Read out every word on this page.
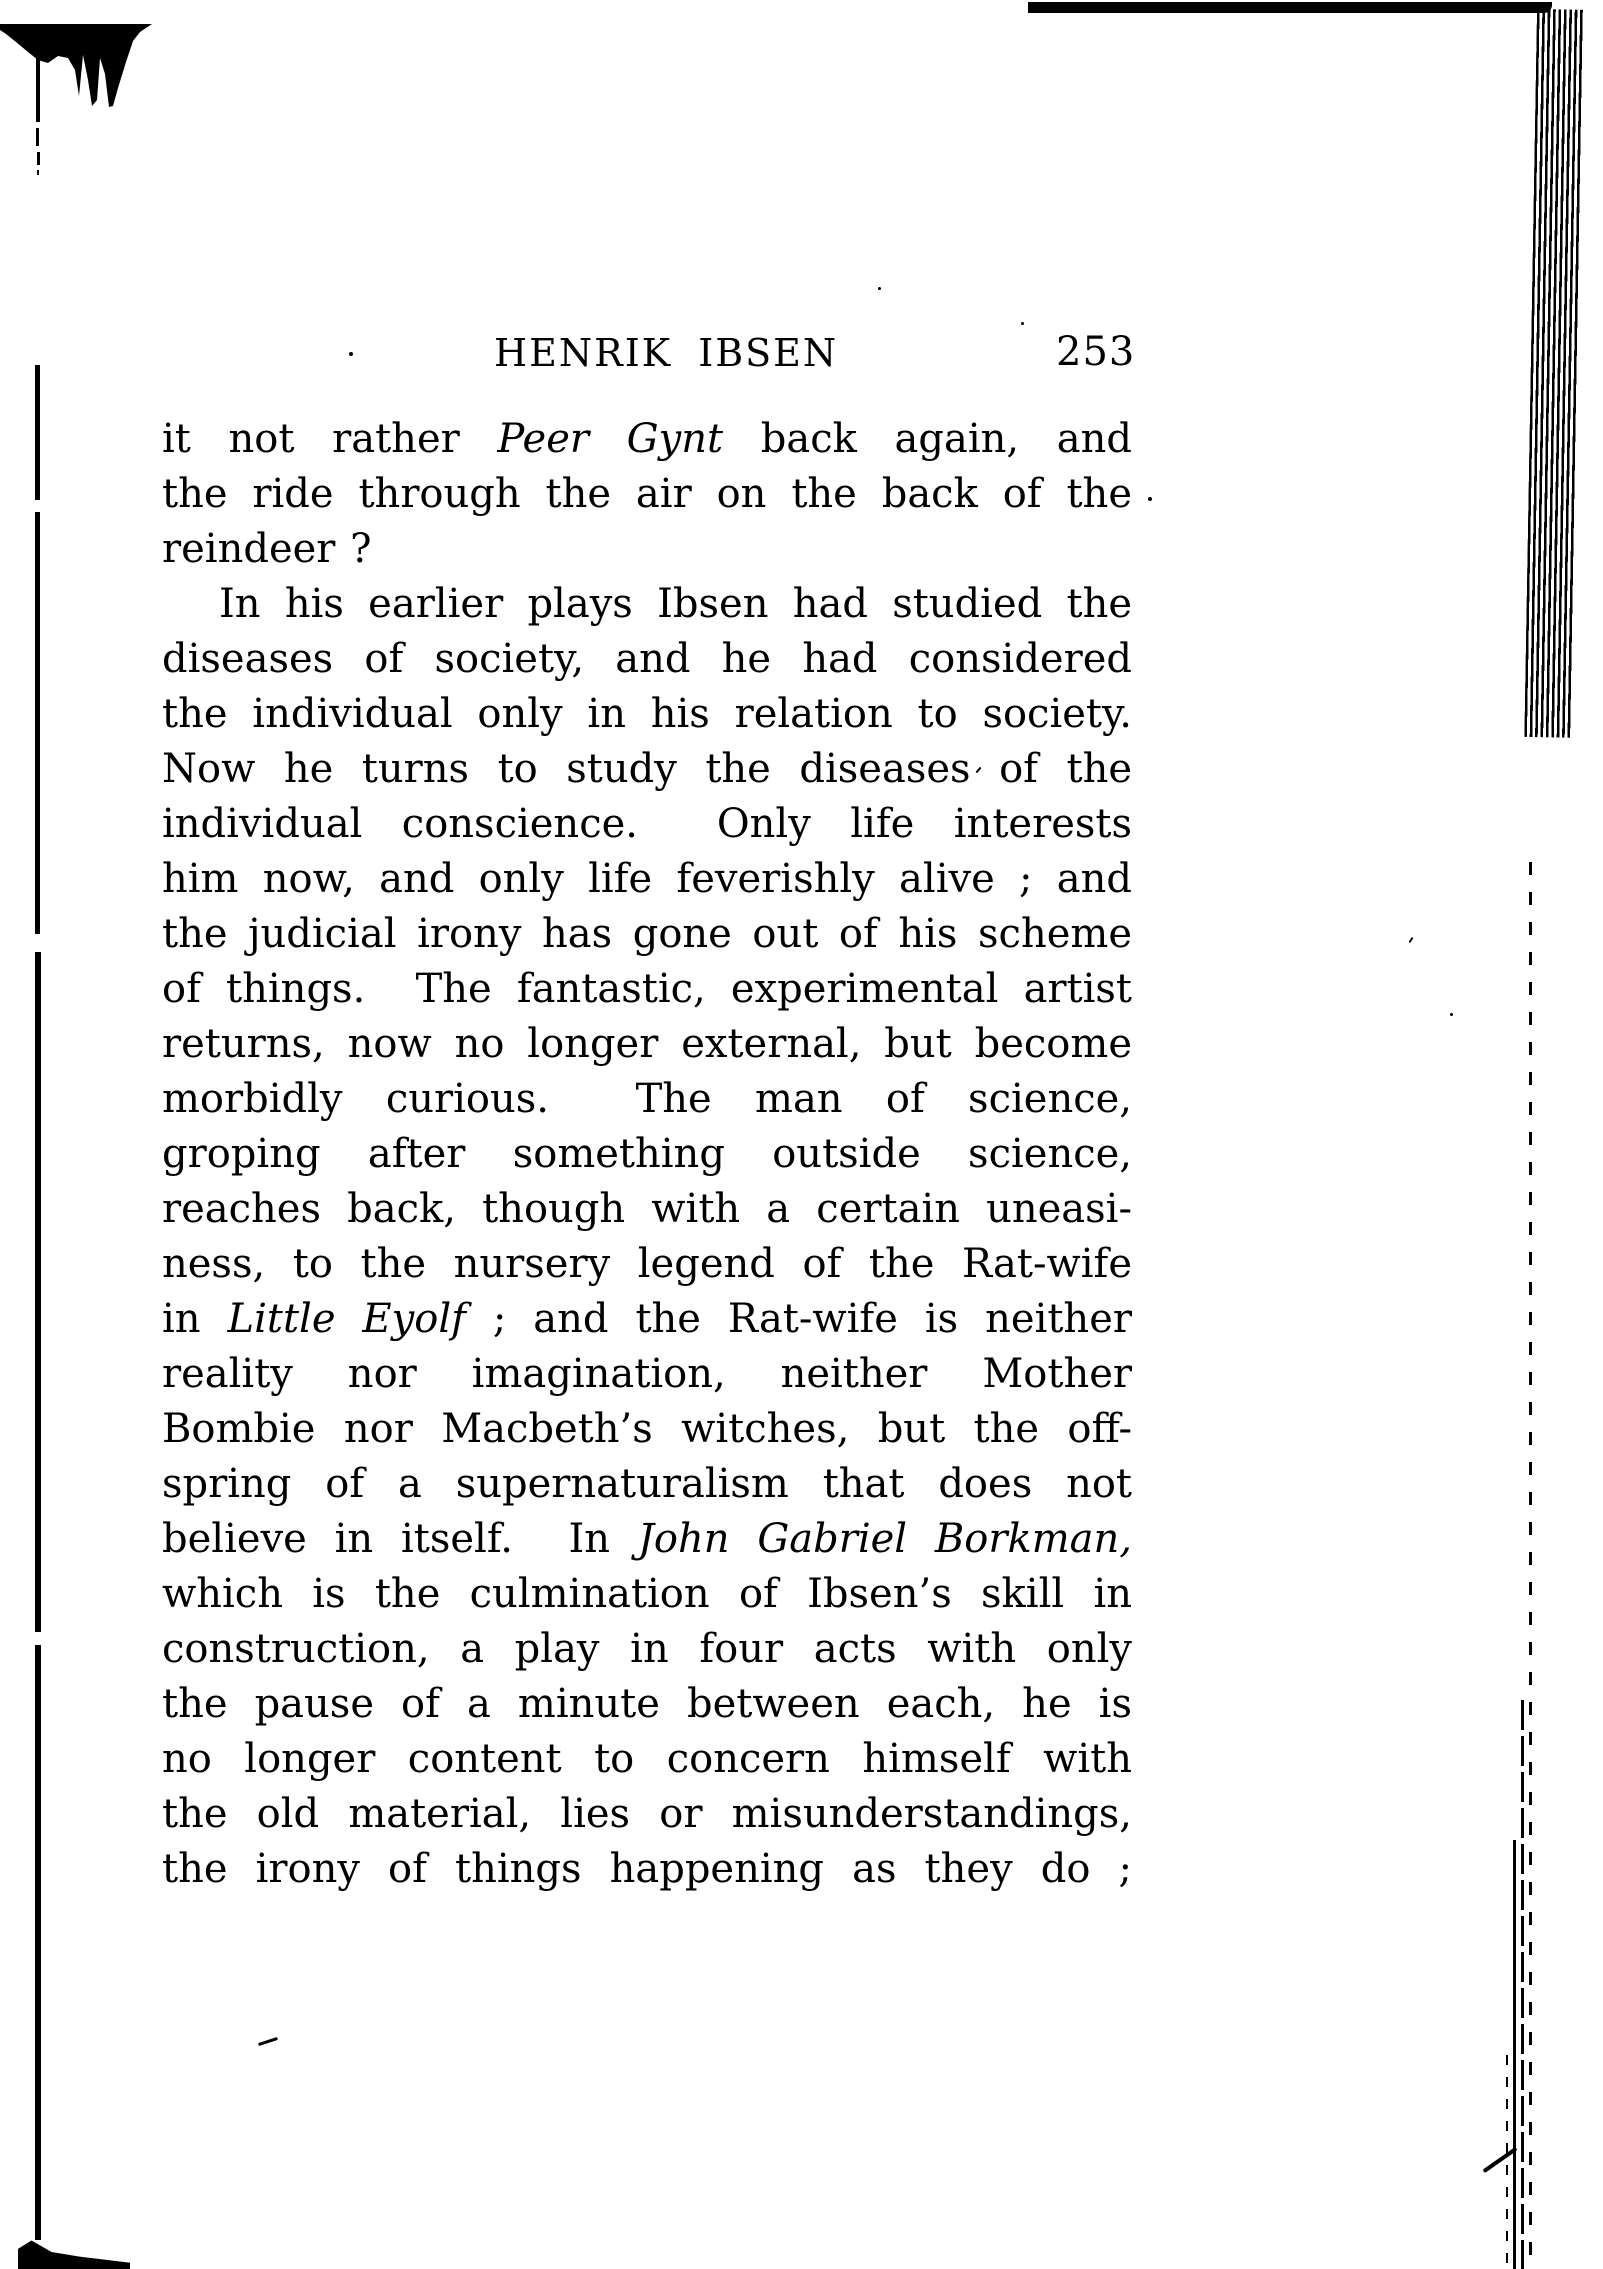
HENRIK IBSEN	253
it not rather Peer Gynt back again, and
the ride through the air on the back of the
reindeer ?
In his earlier plays Ibsen had studied the
diseases of society, and he had considered
the individual only in his relation to society.
Now he turns to study the diseases of the
individual conscience.  Only life interests
him now, and only life feverishly alive ; and
the judicial irony has gone out of his scheme
of things.  The fantastic, experimental artist
returns, now no longer external, but become
morbidly curious.  The man of science,
groping after something outside science,
reaches back, though with a certain uneasi-
ness, to the nursery legend of the Rat-wife
in Little Eyolf ; and the Rat-wife is neither
reality nor imagination, neither Mother
Bombie nor Macbeth’s witches, but the off-
spring of a supernaturalism that does not
believe in itself.  In John Gabriel Borkman,
which is the culmination of Ibsen’s skill in
construction, a play in four acts with only
the pause of a minute between each, he is
no longer content to concern himself with
the old material, lies or misunderstandings,
the irony of things happening as they do ;
